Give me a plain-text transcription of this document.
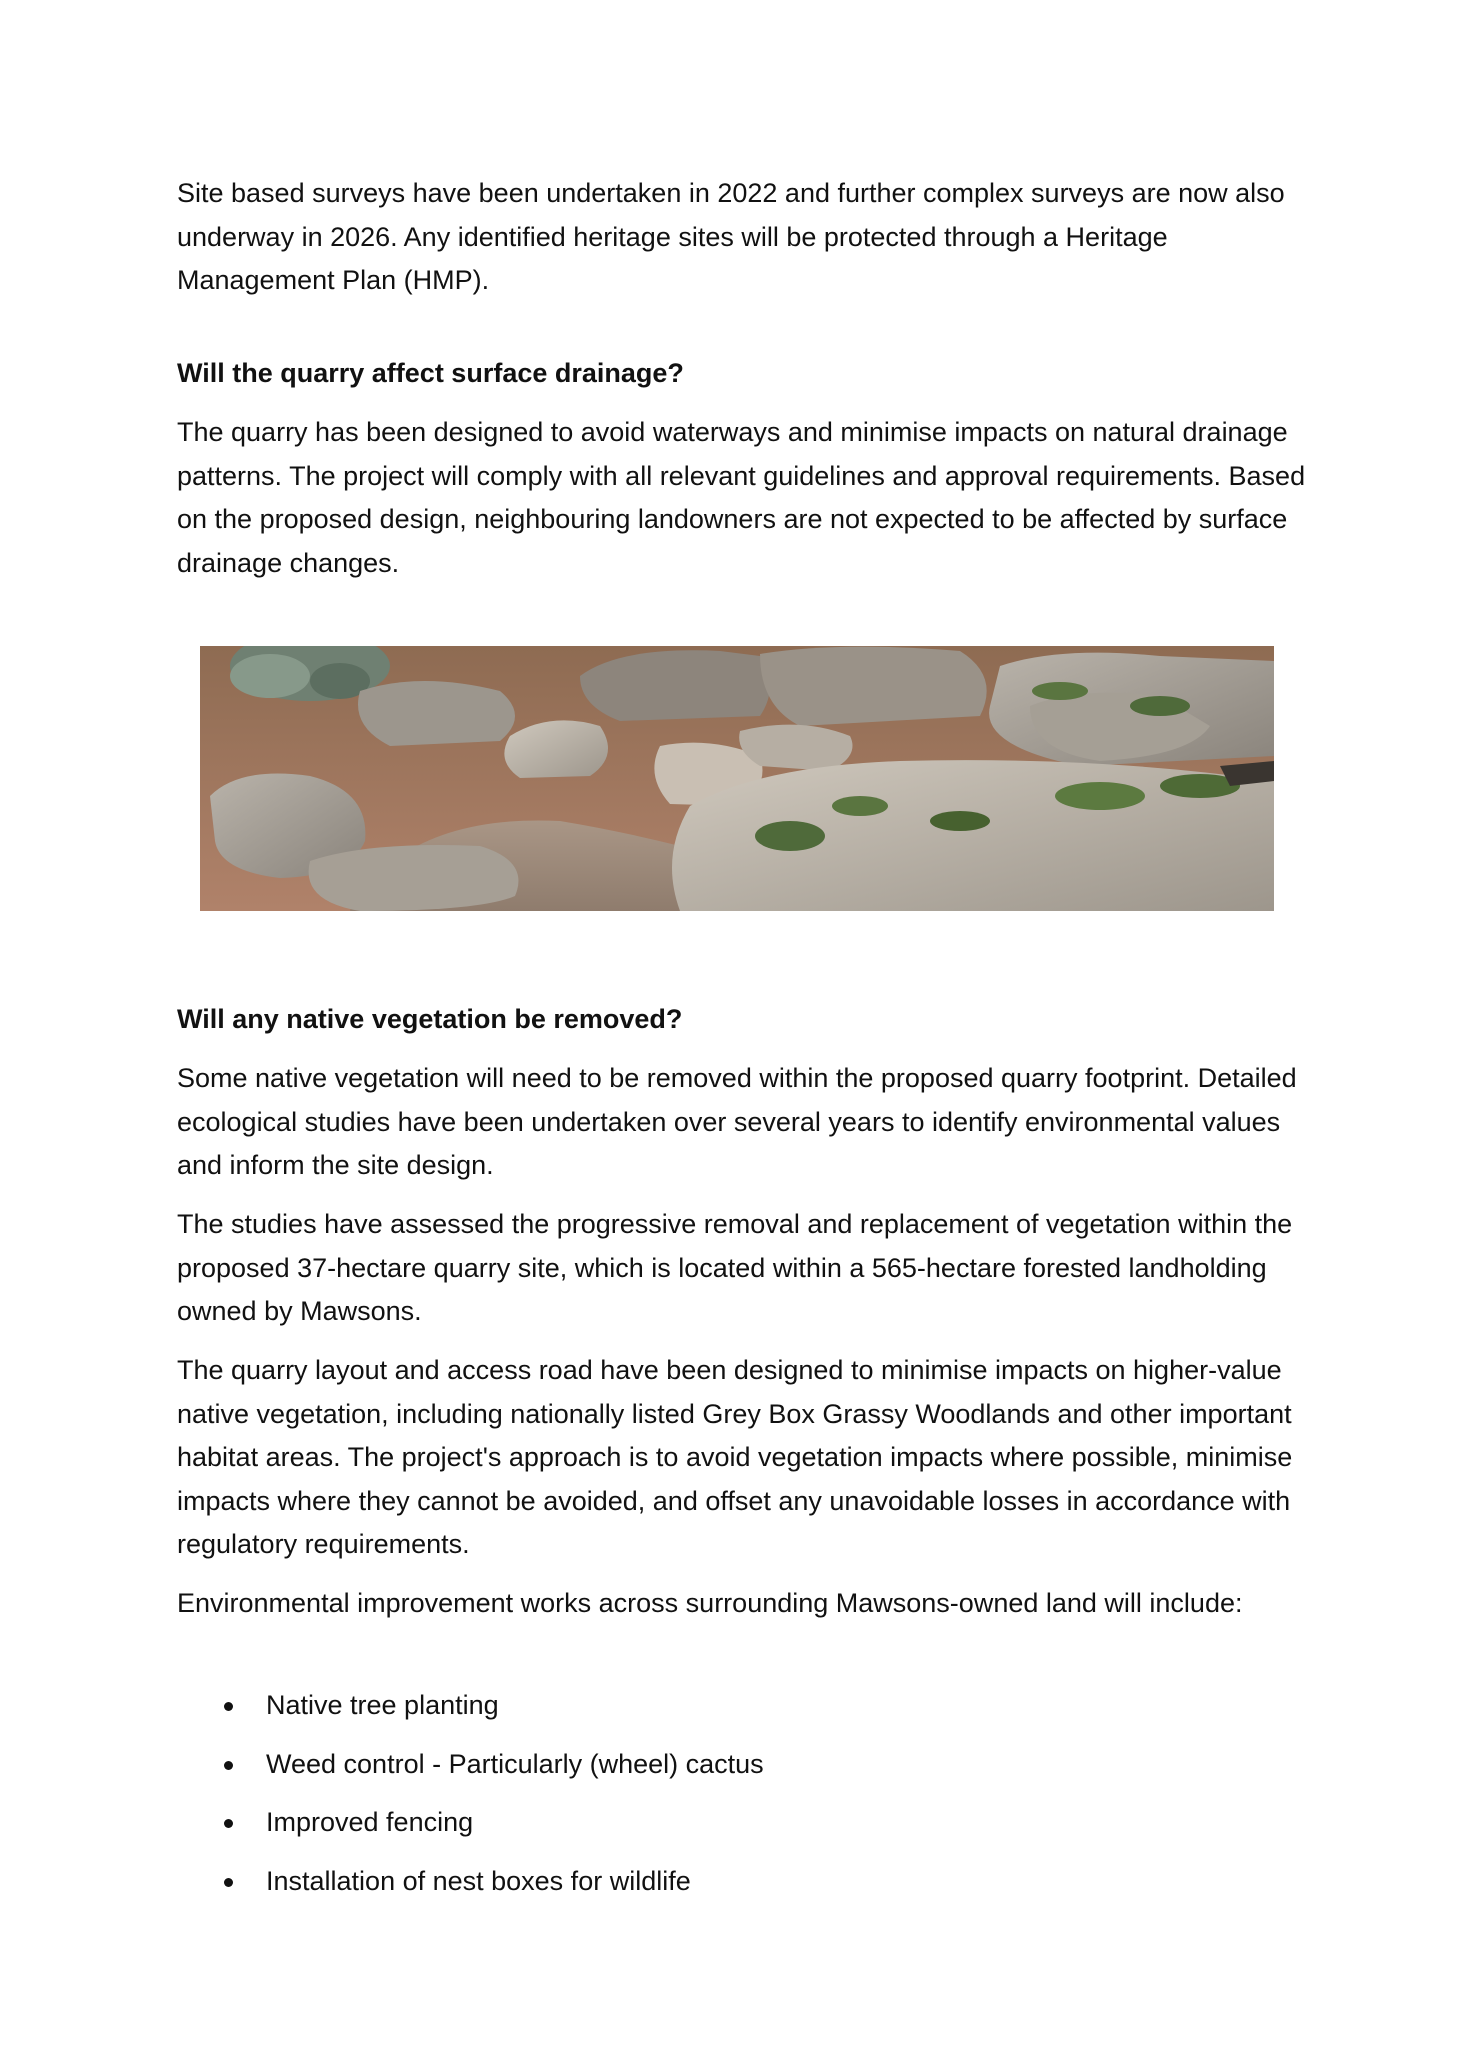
Site based surveys have been undertaken in 2022 and further complex surveys are now also underway in 2026. Any identified heritage sites will be protected through a Heritage Management Plan (HMP).

Will the quarry affect surface drainage?

The quarry has been designed to avoid waterways and minimise impacts on natural drainage patterns. The project will comply with all relevant guidelines and approval requirements. Based on the proposed design, neighbouring landowners are not expected to be affected by surface drainage changes.

Will any native vegetation be removed?

Some native vegetation will need to be removed within the proposed quarry footprint. Detailed ecological studies have been undertaken over several years to identify environmental values and inform the site design.

The studies have assessed the progressive removal and replacement of vegetation within the proposed 37-hectare quarry site, which is located within a 565-hectare forested landholding owned by Mawsons.

The quarry layout and access road have been designed to minimise impacts on higher-value native vegetation, including nationally listed Grey Box Grassy Woodlands and other important habitat areas. The project's approach is to avoid vegetation impacts where possible, minimise impacts where they cannot be avoided, and offset any unavoidable losses in accordance with regulatory requirements.

Environmental improvement works across surrounding Mawsons-owned land will include:

Native tree planting
Weed control - Particularly (wheel) cactus
Improved fencing
Installation of nest boxes for wildlife
